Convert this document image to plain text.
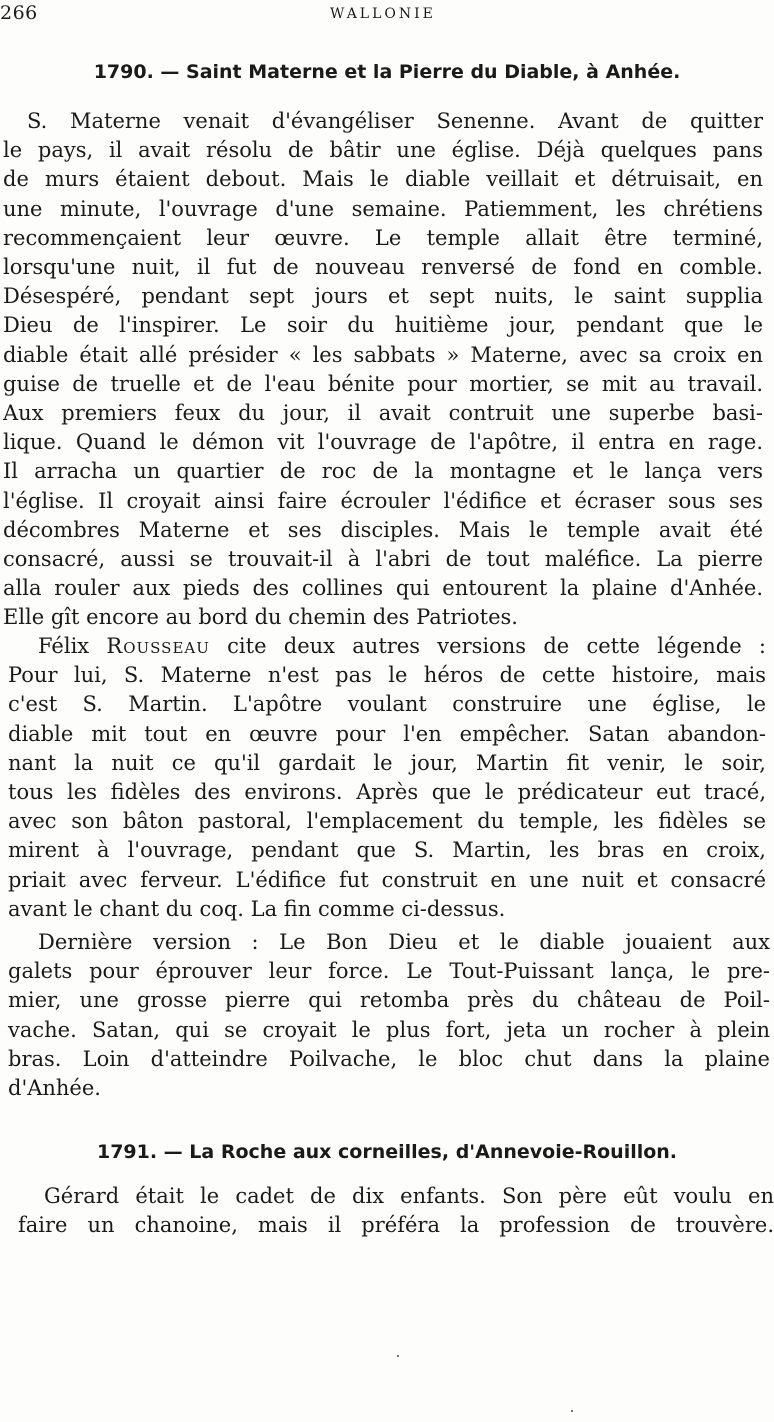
266	WALLONIE
1790. — Saint Materne et la Pierre du Diable, à Anhée.
S. Materne venait d'évangéliser Senenne. Avant de quitter
le pays, il avait résolu de bâtir une église. Déjà quelques pans
de murs étaient debout. Mais le diable veillait et détruisait, en
une minute, l'ouvrage d'une semaine. Patiemment, les chrétiens
recommençaient leur œuvre. Le temple allait être terminé,
lorsqu'une nuit, il fut de nouveau renversé de fond en comble.
Désespéré, pendant sept jours et sept nuits, le saint supplia
Dieu de l'inspirer. Le soir du huitième jour, pendant que le
diable était allé présider « les sabbats » Materne, avec sa croix en
guise de truelle et de l'eau bénite pour mortier, se mit au travail.
Aux premiers feux du jour, il avait contruit une superbe basi-
lique. Quand le démon vit l'ouvrage de l'apôtre, il entra en rage.
Il arracha un quartier de roc de la montagne et le lança vers
l'église. Il croyait ainsi faire écrouler l'édifice et écraser sous ses
décombres Materne et ses disciples. Mais le temple avait été
consacré, aussi se trouvait-il à l'abri de tout maléfice. La pierre
alla rouler aux pieds des collines qui entourent la plaine d'Anhée.
Elle gît encore au bord du chemin des Patriotes.
Félix Rousseau cite deux autres versions de cette légende :
Pour lui, S. Materne n'est pas le héros de cette histoire, mais
c'est S. Martin. L'apôtre voulant construire une église, le
diable mit tout en œuvre pour l'en empêcher. Satan abandon-
nant la nuit ce qu'il gardait le jour, Martin fit venir, le soir,
tous les fidèles des environs. Après que le prédicateur eut tracé,
avec son bâton pastoral, l'emplacement du temple, les fidèles se
mirent à l'ouvrage, pendant que S. Martin, les bras en croix,
priait avec ferveur. L'édifice fut construit en une nuit et consacré
avant le chant du coq. La fin comme ci-dessus.
Dernière version : Le Bon Dieu et le diable jouaient aux
galets pour éprouver leur force. Le Tout-Puissant lança, le pre-
mier, une grosse pierre qui retomba près du château de Poil-
vache. Satan, qui se croyait le plus fort, jeta un rocher à plein
bras. Loin d'atteindre Poilvache, le bloc chut dans la plaine
d'Anhée.
1791. — La Roche aux corneilles, d'Annevoie-Rouillon.
Gérard était le cadet de dix enfants. Son père eût voulu en
faire un chanoine, mais il préféra la profession de trouvère.
